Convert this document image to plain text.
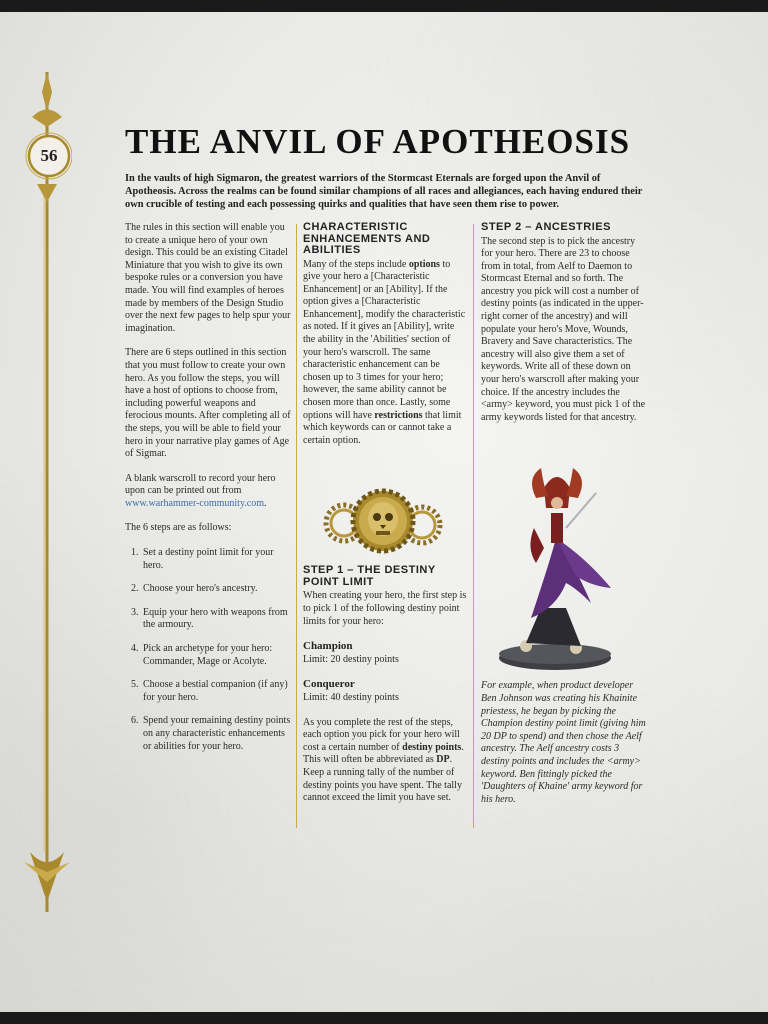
56	THE ANVIL OF APOTHEOSIS

In the vaults of high Sigmaron, the greatest warriors of the Stormcast Eternals are forged upon the Anvil of Apotheosis. Across the realms can be found similar champions of all races and allegiances, each having endured their own crucible of testing and each possessing quirks and qualities that have seen them rise to power.

The rules in this section will enable you to create a unique hero of your own design. This could be an existing Citadel Miniature that you wish to give its own bespoke rules or a conversion you have made. You will find examples of heroes made by members of the Design Studio over the next few pages to help spur your imagination.

There are 6 steps outlined in this section that you must follow to create your own hero. As you follow the steps, you will have a host of options to choose from, including powerful weapons and ferocious mounts. After completing all of the steps, you will be able to field your hero in your narrative play games of Age of Sigmar.

A blank warscroll to record your hero upon can be printed out from www.warhammer-community.com.

The 6 steps are as follows:

1. Set a destiny point limit for your hero.
2. Choose your hero's ancestry.
3. Equip your hero with weapons from the armoury.
4. Pick an archetype for your hero: Commander, Mage or Acolyte.
5. Choose a bestial companion (if any) for your hero.
6. Spend your remaining destiny points on any characteristic enhancements or abilities for your hero.
CHARACTERISTIC ENHANCEMENTS AND ABILITIES

Many of the steps include options to give your hero a [Characteristic Enhancement] or an [Ability]. If the option gives a [Characteristic Enhancement], modify the characteristic as noted. If it gives an [Ability], write the ability in the 'Abilities' section of your hero's warscroll. The same characteristic enhancement can be chosen up to 3 times for your hero; however, the same ability cannot be chosen more than once. Lastly, some options will have restrictions that limit which keywords can or cannot take a certain option.

STEP 1 – THE DESTINY POINT LIMIT

When creating your hero, the first step is to pick 1 of the following destiny point limits for your hero:

Champion
Limit: 20 destiny points
Conqueror
Limit: 40 destiny points

As you complete the rest of the steps, each option you pick for your hero will cost a certain number of destiny points. This will often be abbreviated as DP. Keep a running tally of the number of destiny points you have spent. The tally cannot exceed the limit you have set.

STEP 2 – ANCESTRIES

The second step is to pick the ancestry for your hero. There are 23 to choose from in total, from Aelf to Daemon to Stormcast Eternal and so forth. The ancestry you pick will cost a number of destiny points (as indicated in the upper-right corner of the ancestry) and will populate your hero's Move, Wounds, Bravery and Save characteristics. The ancestry will also give them a set of keywords. Write all of these down on your hero's warscroll after making your choice. If the ancestry includes the <army> keyword, you must pick 1 of the army keywords listed for that ancestry.

For example, when product developer Ben Johnson was creating his Khainite priestess, he began by picking the Champion destiny point limit (giving him 20 DP to spend) and then chose the Aelf ancestry. The Aelf ancestry costs 3 destiny points and includes the <army> keyword. Ben fittingly picked the 'Daughters of Khaine' army keyword for his hero.
